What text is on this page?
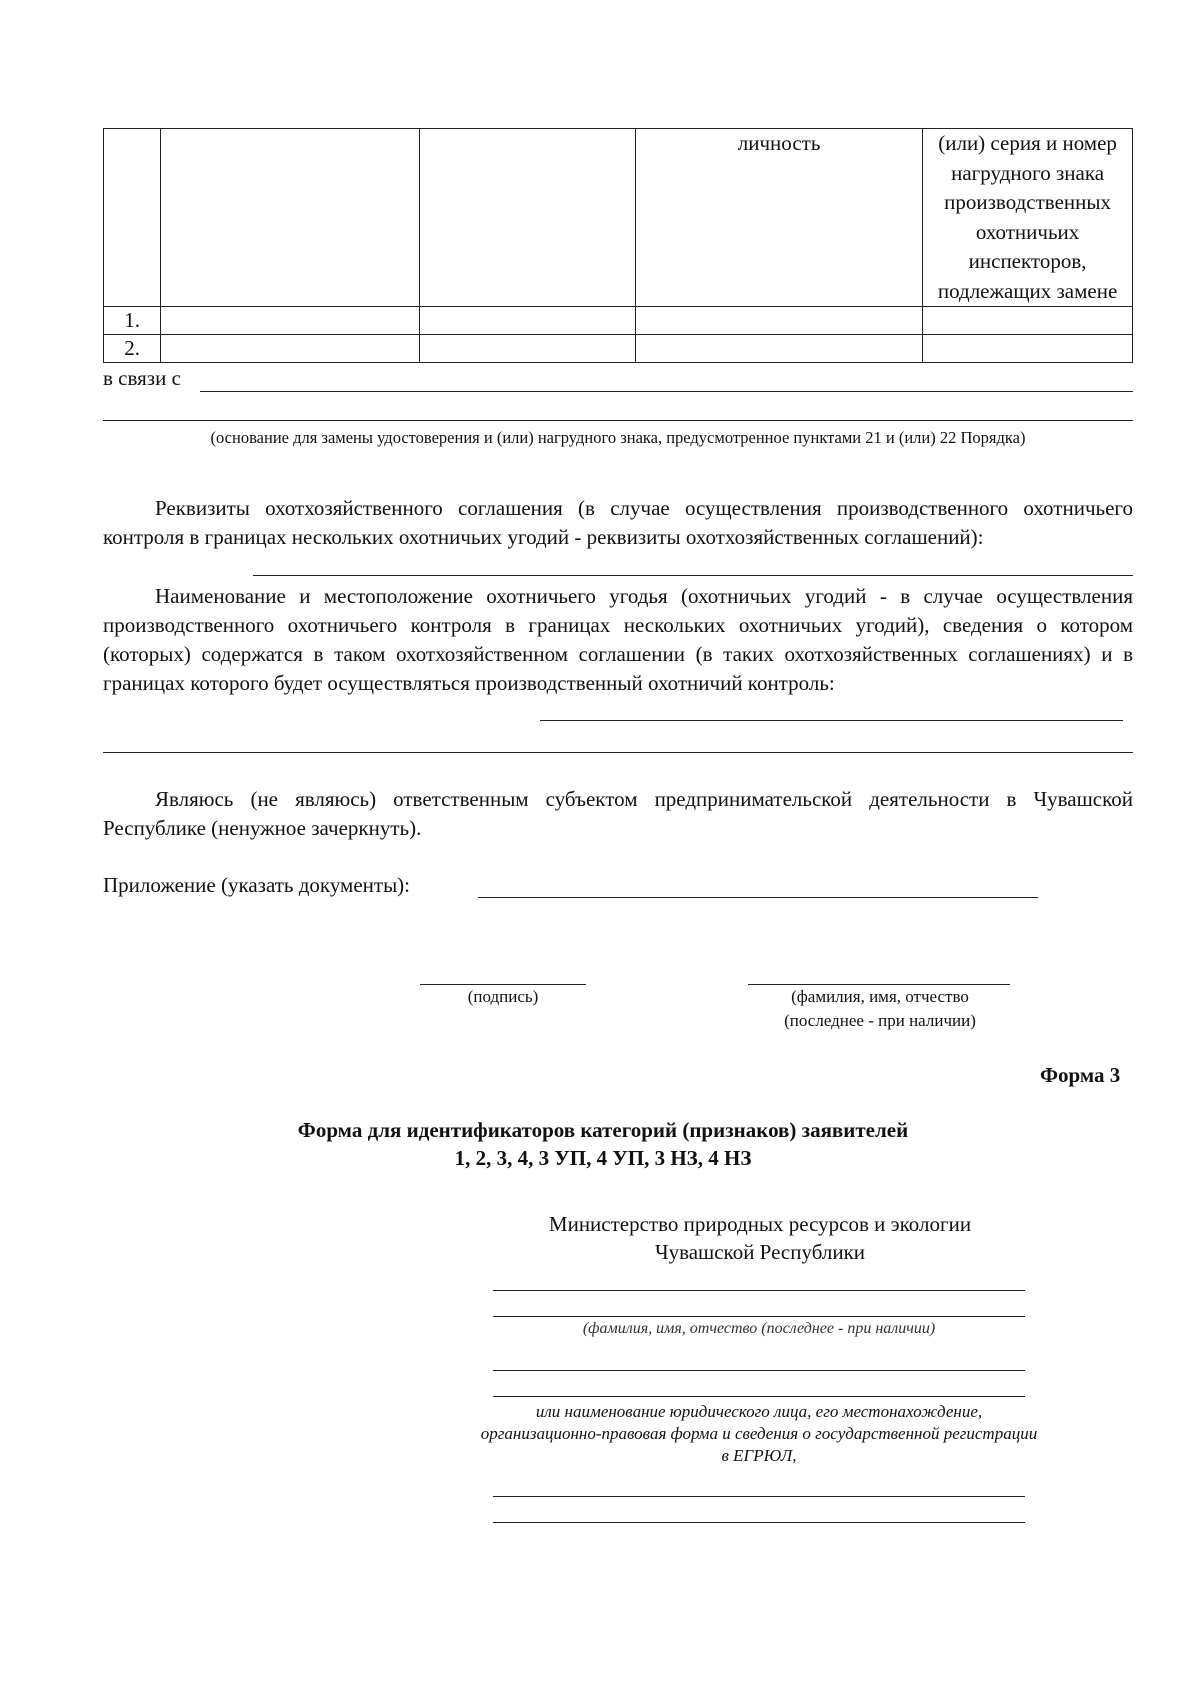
			личность	(или) серия и номер нагрудного знака производственных охотничьих инспекторов, подлежащих замене
1.				
2.				
в связи с
(основание для замены удостоверения и (или) нагрудного знака, предусмотренное пунктами 21 и (или) 22 Порядка)
Реквизиты охотхозяйственного соглашения (в случае осуществления производственного охотничьего контроля в границах нескольких охотничьих угодий - реквизиты охотхозяйственных соглашений):
Наименование и местоположение охотничьего угодья (охотничьих угодий - в случае осуществления производственного охотничьего контроля в границах нескольких охотничьих угодий), сведения о котором (которых) содержатся в таком охотхозяйственном соглашении (в таких охотхозяйственных соглашениях) и в границах которого будет осуществляться производственный охотничий контроль:
Являюсь (не являюсь) ответственным субъектом предпринимательской деятельности в Чувашской Республике (ненужное зачеркнуть).
Приложение (указать документы):
(подпись)	(фамилия, имя, отчество
(последнее - при наличии)
Форма 3
Форма для идентификаторов категорий (признаков) заявителей
1, 2, 3, 4, 3 УП, 4 УП, 3 НЗ, 4 НЗ
Министерство природных ресурсов и экологии
Чувашской Республики
(фамилия, имя, отчество (последнее - при наличии)
или наименование юридического лица, его местонахождение, организационно-правовая форма и сведения о государственной регистрации в ЕГРЮЛ,
